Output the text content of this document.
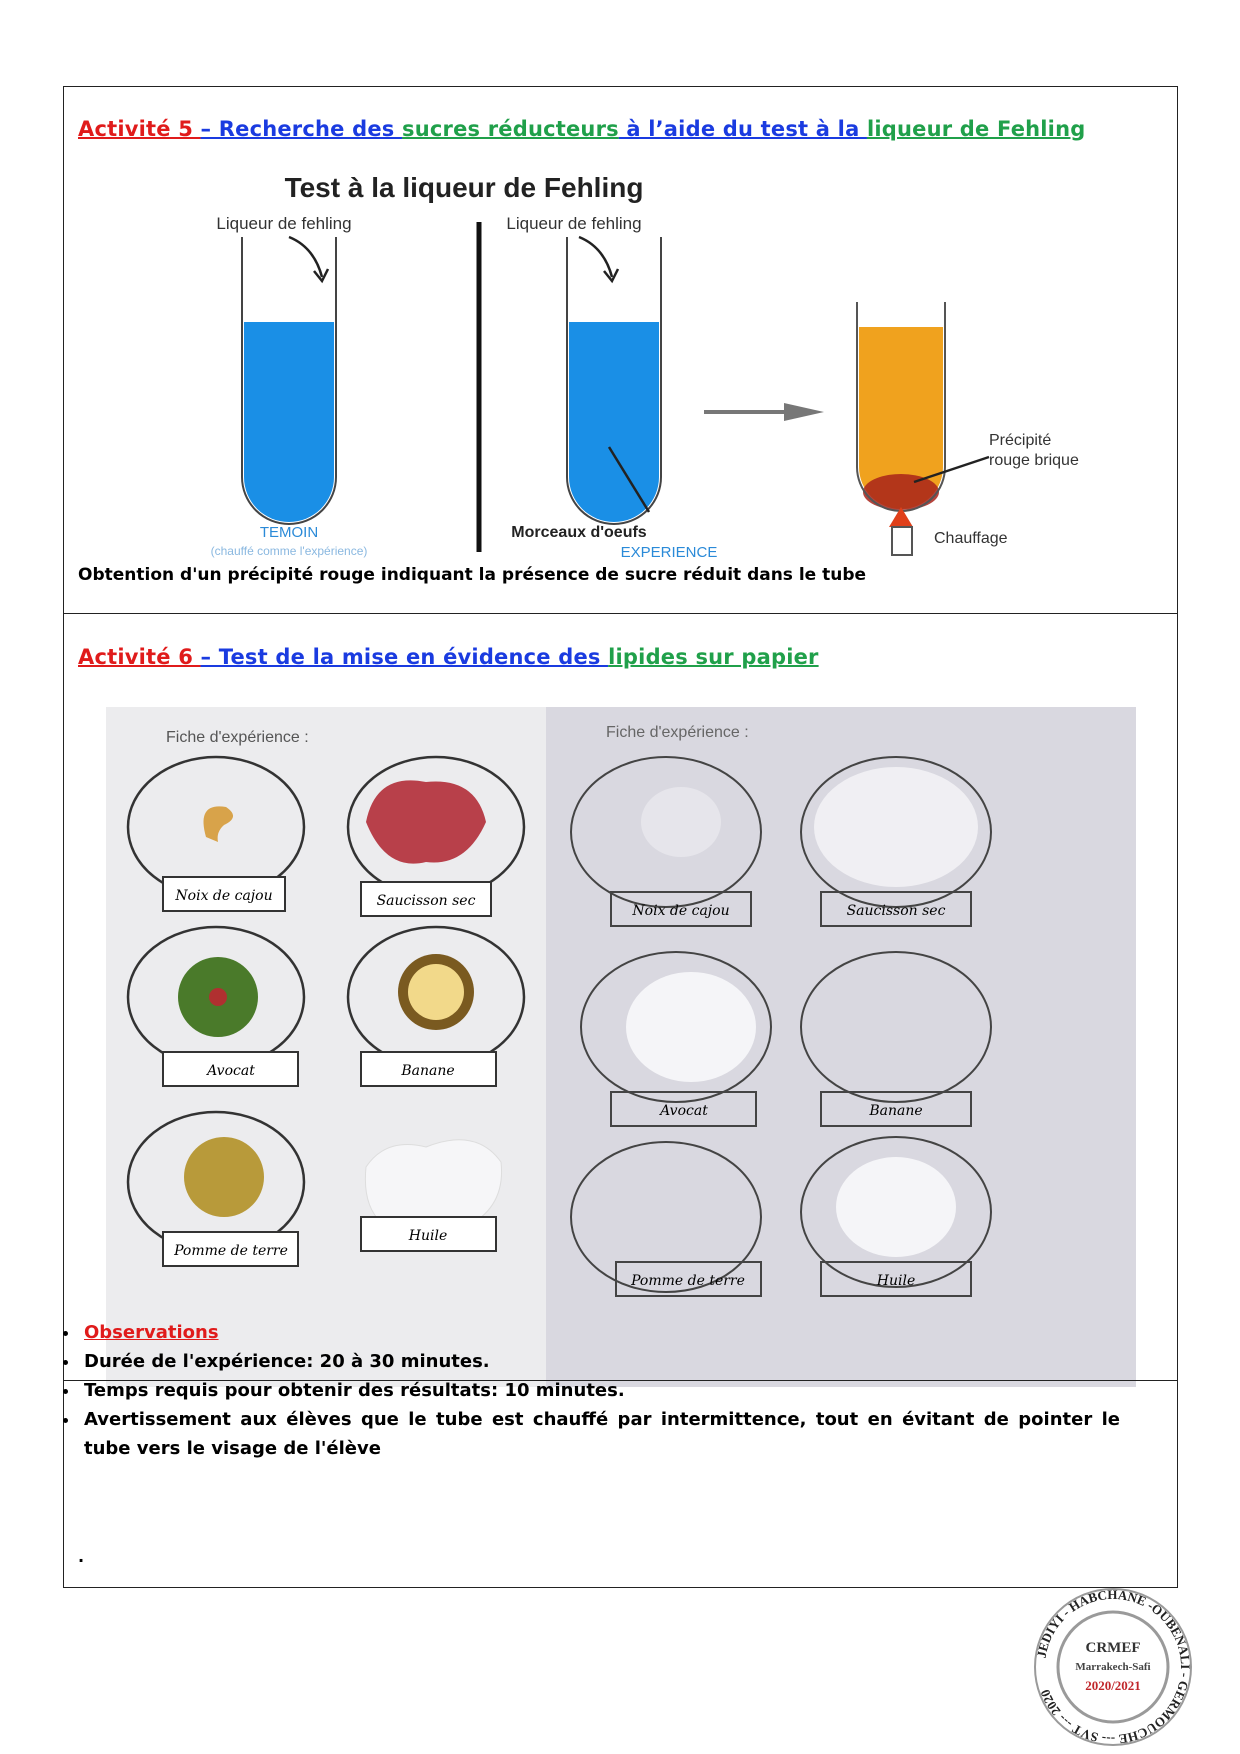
Activité 5 – Recherche des sucres réducteurs à l’aide du test à la liqueur de Fehling
Test à la liqueur de Fehling
Liqueur de fehling
TEMOIN
(chauffé comme l'expérience)
Liqueur de fehling
Morceaux d'oeufs
EXPERIENCE
Précipité
rouge brique
Chauffage
Obtention d'un précipité rouge indiquant la présence de sucre réduit dans le tube
Activité 6 – Test de la mise en évidence des lipides sur papier
Fiche d'expérience :	Fiche d'expérience :
Noix de cajou	Saucisson sec
Avocat	Banane
Pomme de terre
Huile
Noix de cajou	Saucisson sec
Avocat	Banane
Pomme de terre	Huile
.
• Observations
• Durée de l'expérience: 20 à 30 minutes.
• Temps requis pour obtenir des résultats: 10 minutes.
• Avertissement aux élèves que le tube est chauffé par intermittence, tout en évitant de pointer le tube vers le visage de l'élève
JEDIYI - HABCHANE -OUBENALI - GERMOUCHE --- SVT --- 2020
CRMEF
Marrakech-Safi
2020/2021
